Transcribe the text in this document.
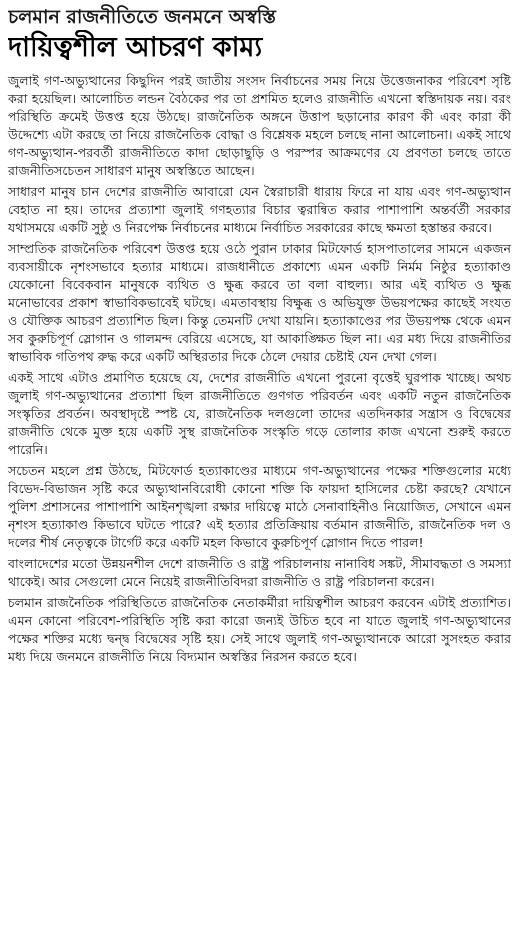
চলমান রাজনীতিতে জনমনে অস্বস্তি
দায়িত্বশীল আচরণ কাম্য

জুলাই গণ-অভ্যুত্থানের কিছুদিন পরই জাতীয় সংসদ নির্বাচনের সময় নিয়ে উত্তেজনাকর পরিবেশ সৃষ্টি করা হয়েছিল। আলোচিত লন্ডন বৈঠকের পর তা প্রশমিত হলেও রাজনীতি এখনো স্বস্তিদায়ক নয়। বরং পরিস্থিতি ক্রমেই উত্তপ্ত হয়ে উঠছে। রাজনৈতিক অঙ্গনে উত্তাপ ছড়ানোর কারণ কী এবং কারা কী উদ্দেশ্যে এটা করছে তা নিয়ে রাজনৈতিক বোদ্ধা ও বিশ্লেষক মহলে চলছে নানা আলোচনা। একই সাথে গণ-অভ্যুত্থান-পরবর্তী রাজনীতিতে কাদা ছোড়াছুড়ি ও পরস্পর আক্রমণের যে প্রবণতা চলছে তাতে রাজনীতিসচেতন সাধারণ মানুষ অস্বস্তিতে আছেন।

সাধারণ মানুষ চান দেশের রাজনীতি আবারো যেন স্বৈরাচারী ধারায় ফিরে না যায় এবং গণ-অভ্যুত্থান বেহাত না হয়। তাদের প্রত্যাশা জুলাই গণহত্যার বিচার ত্বরান্বিত করার পাশাপাশি অন্তর্বর্তী সরকার যথাসময়ে একটি সুষ্ঠু ও নিরপেক্ষ নির্বাচনের মাধ্যমে নির্বাচিত সরকারের কাছে ক্ষমতা হস্তান্তর করবে।

সাম্প্রতিক রাজনৈতিক পরিবেশ উত্তপ্ত হয়ে ওঠে পুরান ঢাকার মিটফোর্ড হাসপাতালের সামনে একজন ব্যবসায়ীকে নৃশংসভাবে হত্যার মাধ্যমে। রাজধানীতে প্রকাশ্যে এমন একটি নির্মম নিষ্ঠুর হত্যাকাণ্ড যেকোনো বিবেকবান মানুষকে ব্যথিত ও ক্ষুব্ধ করবে তা বলা বাহুল্য। আর এই ব্যথিত ও ক্ষুব্ধ মনোভাবের প্রকাশ স্বাভাবিকভাবেই ঘটছে। এমতাবস্থায় বিক্ষুব্ধ ও অভিযুক্ত উভয়পক্ষের কাছেই সংযত ও যৌক্তিক আচরণ প্রত্যাশিত ছিল। কিন্তু তেমনটি দেখা যায়নি। হত্যাকাণ্ডের পর উভয়পক্ষ থেকে এমন সব কুরুচিপূর্ণ স্লোগান ও গালমন্দ বেরিয়ে এসেছে, যা আকাঙ্ক্ষিত ছিল না। এর মধ্য দিয়ে রাজনীতির স্বাভাবিক গতিপথ রুদ্ধ করে একটি অস্থিরতার দিকে ঠেলে দেয়ার চেষ্টাই যেন দেখা গেল।

একই সাথে এটাও প্রমাণিত হয়েছে যে, দেশের রাজনীতি এখনো পুরনো বৃত্তেই ঘুরপাক খাচ্ছে। অথচ জুলাই গণ-অভ্যুত্থানের প্রত্যাশা ছিল রাজনীতিতে গুণগত পরিবর্তন এবং একটি নতুন রাজনৈতিক সংস্কৃতির প্রবর্তন। অবস্থাদৃষ্টে স্পষ্ট যে, রাজনৈতিক দলগুলো তাদের এতদিনকার সন্ত্রাস ও বিদ্বেষের রাজনীতি থেকে মুক্ত হয়ে একটি সুস্থ রাজনৈতিক সংস্কৃতি গড়ে তোলার কাজ এখনো শুরুই করতে পারেনি।

সচেতন মহলে প্রশ্ন উঠছে, মিটফোর্ড হত্যাকাণ্ডের মাধ্যমে গণ-অভ্যুত্থানের পক্ষের শক্তিগুলোর মধ্যে বিভেদ-বিভাজন সৃষ্টি করে অভ্যুত্থানবিরোধী কোনো শক্তি কি ফায়দা হাসিলের চেষ্টা করছে? যেখানে পুলিশ প্রশাসনের পাশাপাশি আইনশৃঙ্খলা রক্ষার দায়িত্বে মাঠে সেনাবাহিনীও নিয়োজিত, সেখানে এমন নৃশংস হত্যাকাণ্ড কিভাবে ঘটতে পারে? এই হত্যার প্রতিক্রিয়ায় বর্তমান রাজনীতি, রাজনৈতিক দল ও দলের শীর্ষ নেতৃত্বকে টার্গেট করে একটি মহল কিভাবে কুরুচিপূর্ণ স্লোগান দিতে পারল!

বাংলাদেশের মতো উন্নয়নশীল দেশে রাজনীতি ও রাষ্ট্র পরিচালনায় নানাবিধ সঙ্কট, সীমাবদ্ধতা ও সমস্যা থাকেই। আর সেগুলো মেনে নিয়েই রাজনীতিবিদরা রাজনীতি ও রাষ্ট্র পরিচালনা করেন।

চলমান রাজনৈতিক পরিস্থিতিতে রাজনৈতিক নেতাকর্মীরা দায়িত্বশীল আচরণ করবেন এটাই প্রত্যাশিত। এমন কোনো পরিবেশ-পরিস্থিতি সৃষ্টি করা কারো জন্যই উচিত হবে না যাতে জুলাই গণ-অভ্যুত্থানের পক্ষের শক্তির মধ্যে দ্বন্দ্ব বিদ্বেষের সৃষ্টি হয়। সেই সাথে জুলাই গণ-অভ্যুত্থানকে আরো সুসংহত করার মধ্য দিয়ে জনমনে রাজনীতি নিয়ে বিদ্যমান অস্বস্তির নিরসন করতে হবে।
